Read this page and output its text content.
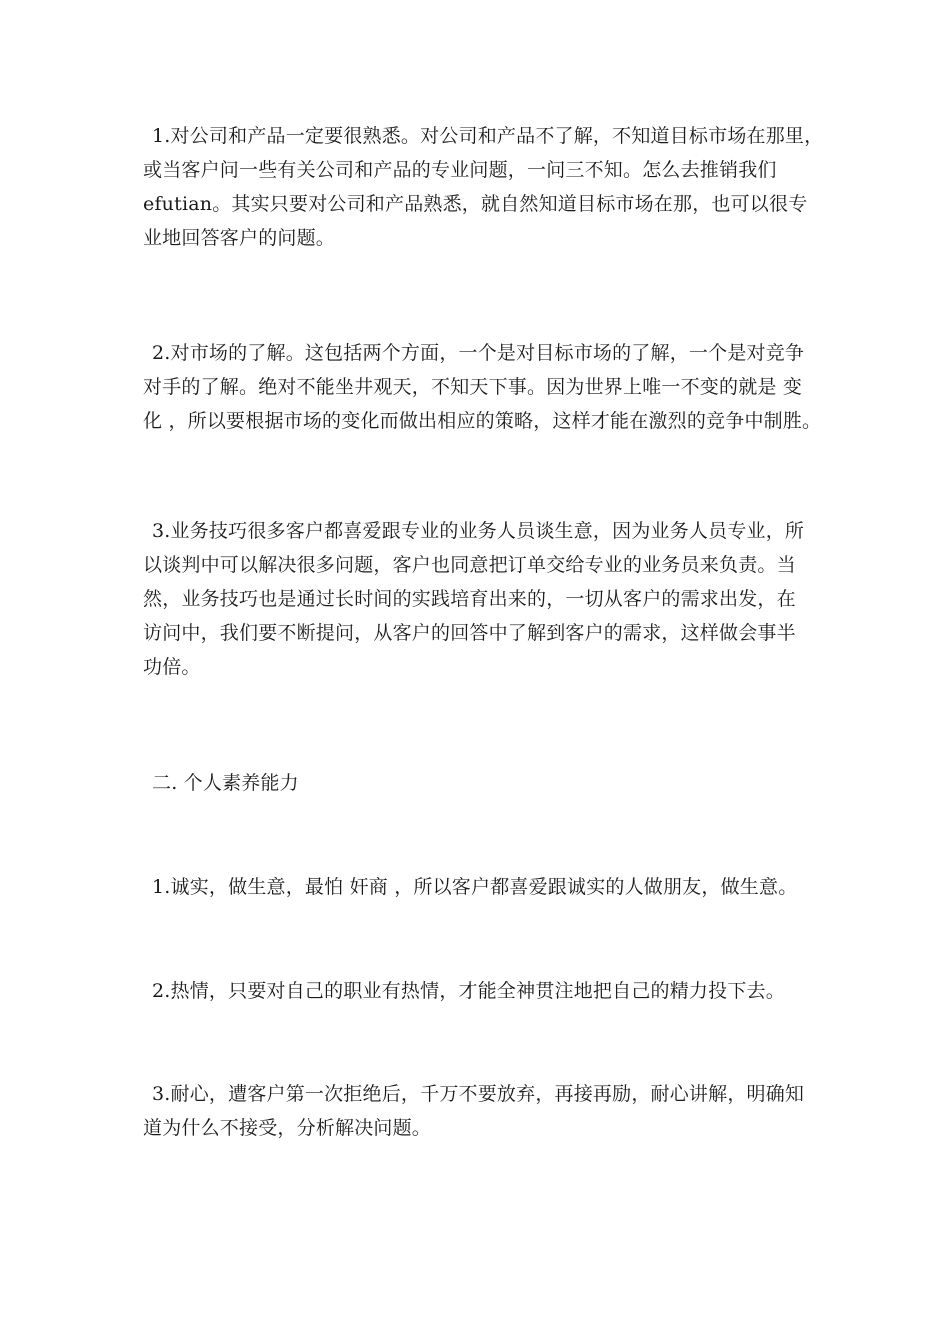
1.对公司和产品一定要很熟悉。对公司和产品不了解，不知道目标市场在那里，
或当客户问一些有关公司和产品的专业问题，一问三不知。怎么去推销我们
efutian。其实只要对公司和产品熟悉，就自然知道目标市场在那，也可以很专
业地回答客户的问题。
2.对市场的了解。这包括两个方面，一个是对目标市场的了解，一个是对竞争
对手的了解。绝对不能坐井观天，不知天下事。因为世界上唯一不变的就是 变
化 ，所以要根据市场的变化而做出相应的策略，这样才能在激烈的竞争中制胜。
3.业务技巧很多客户都喜爱跟专业的业务人员谈生意，因为业务人员专业，所
以谈判中可以解决很多问题，客户也同意把订单交给专业的业务员来负责。当
然，业务技巧也是通过长时间的实践培育出来的，一切从客户的需求出发，在
访问中，我们要不断提问，从客户的回答中了解到客户的需求，这样做会事半
功倍。
二. 个人素养能力
1.诚实，做生意，最怕 奸商 ，所以客户都喜爱跟诚实的人做朋友，做生意。
2.热情，只要对自己的职业有热情，才能全神贯注地把自己的精力投下去。
3.耐心，遭客户第一次拒绝后，千万不要放弃，再接再励，耐心讲解，明确知
道为什么不接受，分析解决问题。
